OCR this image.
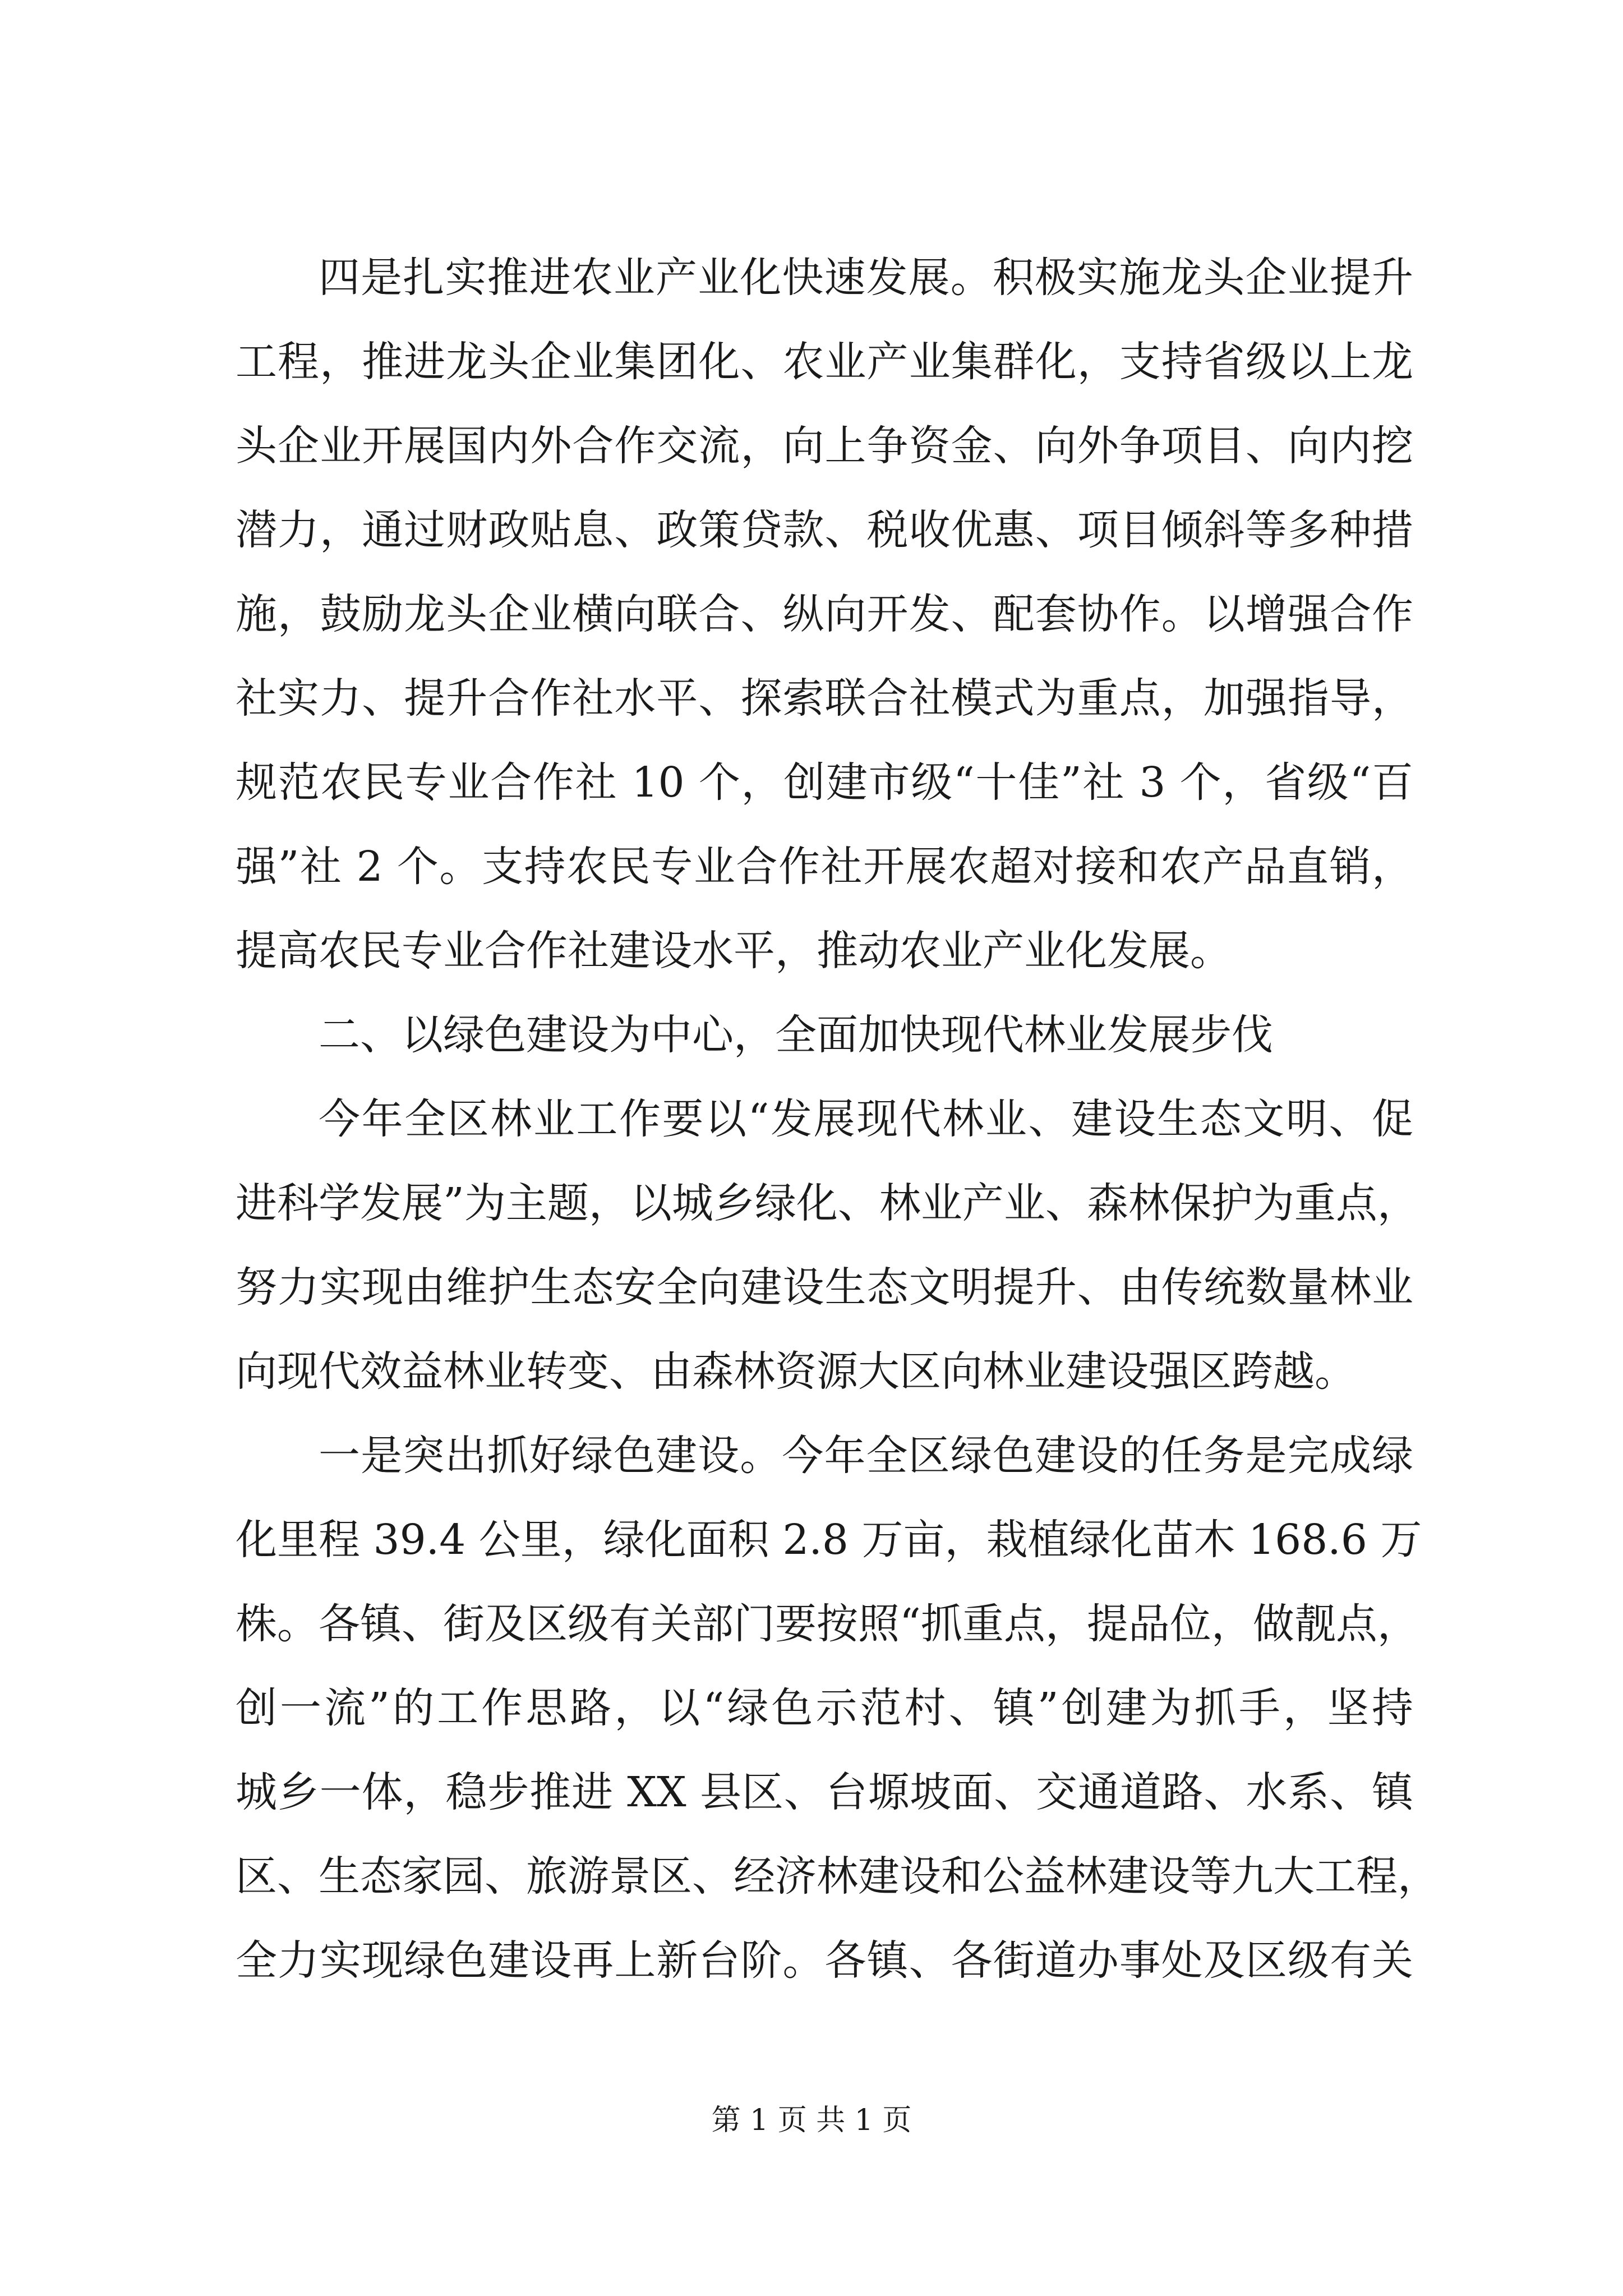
四是扎实推进农业产业化快速发展。积极实施龙头企业提升
工程，推进龙头企业集团化、农业产业集群化，支持省级以上龙
头企业开展国内外合作交流，向上争资金、向外争项目、向内挖
潜力，通过财政贴息、政策贷款、税收优惠、项目倾斜等多种措
施，鼓励龙头企业横向联合、纵向开发、配套协作。以增强合作
社实力、提升合作社水平、探索联合社模式为重点，加强指导，
规范农民专业合作社 10 个，创建市级“十佳”社 3 个，省级“百
强”社 2 个。支持农民专业合作社开展农超对接和农产品直销，
提高农民专业合作社建设水平，推动农业产业化发展。
二、以绿色建设为中心，全面加快现代林业发展步伐
今年全区林业工作要以“发展现代林业、建设生态文明、促
进科学发展”为主题，以城乡绿化、林业产业、森林保护为重点，
努力实现由维护生态安全向建设生态文明提升、由传统数量林业
向现代效益林业转变、由森林资源大区向林业建设强区跨越。
一是突出抓好绿色建设。今年全区绿色建设的任务是完成绿
化里程 39.4 公里，绿化面积 2.8 万亩，栽植绿化苗木 168.6 万
株。各镇、街及区级有关部门要按照“抓重点，提品位，做靓点，
创一流”的工作思路，以“绿色示范村、镇”创建为抓手，坚持
城乡一体，稳步推进 XX 县区、台塬坡面、交通道路、水系、镇
区、生态家园、旅游景区、经济林建设和公益林建设等九大工程，
全力实现绿色建设再上新台阶。各镇、各街道办事处及区级有关
第 1 页 共 1 页
